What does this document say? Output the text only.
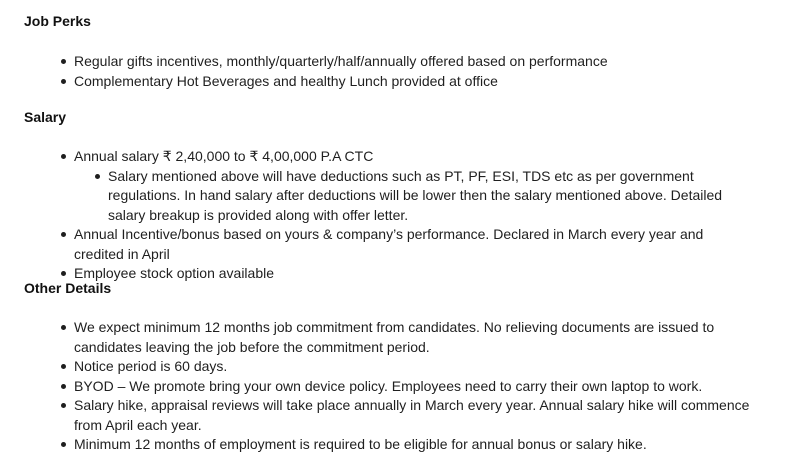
Job Perks
Regular gifts incentives, monthly/quarterly/half/annually offered based on performance
Complementary Hot Beverages and healthy Lunch provided at office
Salary
Annual salary ₹ 2,40,000 to ₹ 4,00,000 P.A CTC
Salary mentioned above will have deductions such as PT, PF, ESI, TDS etc as per government regulations. In hand salary after deductions will be lower then the salary mentioned above. Detailed salary breakup is provided along with offer letter.
Annual Incentive/bonus based on yours & company’s performance. Declared in March every year and credited in April
Employee stock option available
Other Details
We expect minimum 12 months job commitment from candidates. No relieving documents are issued to candidates leaving the job before the commitment period.
Notice period is 60 days.
BYOD – We promote bring your own device policy. Employees need to carry their own laptop to work.
Salary hike, appraisal reviews will take place annually in March every year. Annual salary hike will commence from April each year.
Minimum 12 months of employment is required to be eligible for annual bonus or salary hike.
